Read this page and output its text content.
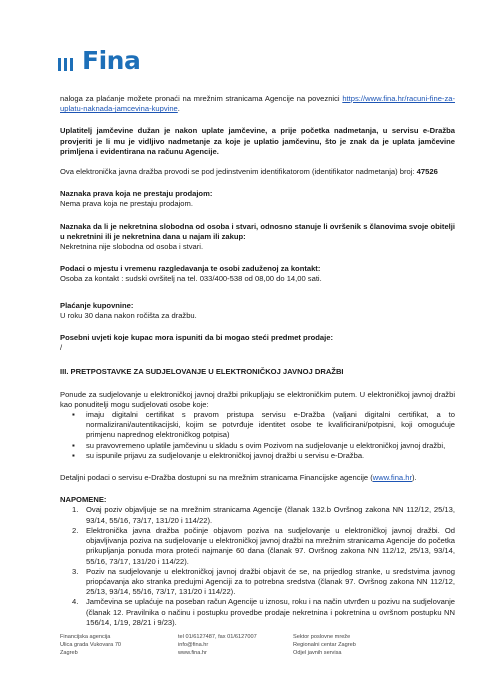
Fina

naloga za plaćanje možete pronaći na mrežnim stranicama Agencije na poveznici https://www.fina.hr/racuni-fine-za-uplatu-naknada-jamcevina-kupvine.

Uplatitelj jamčevine dužan je nakon uplate jamčevine, a prije početka nadmetanja, u servisu e-Dražba provjeriti je li mu je vidljivo nadmetanje za koje je uplatio jamčevinu, što je znak da je uplata jamčevine primljena i evidentirana na računu Agencije.

Ova elektronička javna dražba provodi se pod jedinstvenim identifikatorom (identifikator nadmetanja) broj: 47526

Naznaka prava koja ne prestaju prodajom:

Nema prava koja ne prestaju prodajom.

Naznaka da li je nekretnina slobodna od osoba i stvari, odnosno stanuje li ovršenik s članovima svoje obitelji u nekretnini ili je nekretnina dana u najam ili zakup:

Nekretnina nije slobodna od osoba i stvari.

Podaci o mjestu i vremenu razgledavanja te osobi zaduženoj za kontakt:

Osoba za kontakt : sudski ovršitelj na tel. 033/400-538 od 08,00 do 14,00 sati.

Plaćanje kupovnine:

U roku 30 dana nakon ročišta za dražbu.

Posebni uvjeti koje kupac mora ispuniti da bi mogao steći predmet prodaje:

/

III. PRETPOSTAVKE ZA SUDJELOVANJE U ELEKTRONIČKOJ JAVNOJ DRAŽBI

Ponude za sudjelovanje u elektroničkoj javnoj dražbi prikupljaju se elektroničkim putem. U elektroničkoj javnoj dražbi kao ponuditelji mogu sudjelovati osobe koje:

▪ imaju digitalni certifikat s pravom pristupa servisu e-Dražba (valjani digitalni certifikat, a to normalizirani/autentikacijski, kojim se potvrđuje identitet osobe te kvalificirani/potpisni, koji omogućuje primjenu naprednog elektroničkog potpisa)
▪ su pravovremeno uplatile jamčevinu u skladu s ovim Pozivom na sudjelovanje u elektroničkoj javnoj dražbi,
▪ su ispunile prijavu za sudjelovanje u elektroničkoj javnoj dražbi u servisu e-Dražba.

Detaljni podaci o servisu e-Dražba dostupni su na mrežnim stranicama Financijske agencije (www.fina.hr).

NAPOMENE:

1. Ovaj poziv objavljuje se na mrežnim stranicama Agencije (članak 132.b Ovršnog zakona NN 112/12, 25/13, 93/14, 55/16, 73/17, 131/20 i 114/22).
2. Elektronička javna dražba počinje objavom poziva na sudjelovanje u elektroničkoj javnoj dražbi. Od objavljivanja poziva na sudjelovanje u elektroničkoj javnoj dražbi na mrežnim stranicama Agencije do početka prikupljanja ponuda mora proteći najmanje 60 dana (članak 97. Ovršnog zakona NN 112/12, 25/13, 93/14, 55/16, 73/17, 131/20 i 114/22).
3. Poziv na sudjelovanje u elektroničkoj javnoj dražbi objavit će se, na prijedlog stranke, u sredstvima javnog priopćavanja ako stranka predujmi Agenciji za to potrebna sredstva (članak 97. Ovršnog zakona NN 112/12, 25/13, 93/14, 55/16, 73/17, 131/20 i 114/22).
4. Jamčevina se uplaćuje na poseban račun Agencije u iznosu, roku i na način utvrđen u pozivu na sudjelovanje (članak 12. Pravilnika o načinu i postupku provedbe prodaje nekretnina i pokretnina u ovršnom postupku NN 156/14, 1/19, 28/21 i 9/23).
Financijska agencija
Ulica grada Vukovara 70
Zagreb
tel 01/6127487, fax 01/6127007
info@fina.hr
www.fina.hr
Sektor poslovne mreže
Regionalni centar Zagreb
Odjel javnih servisa
